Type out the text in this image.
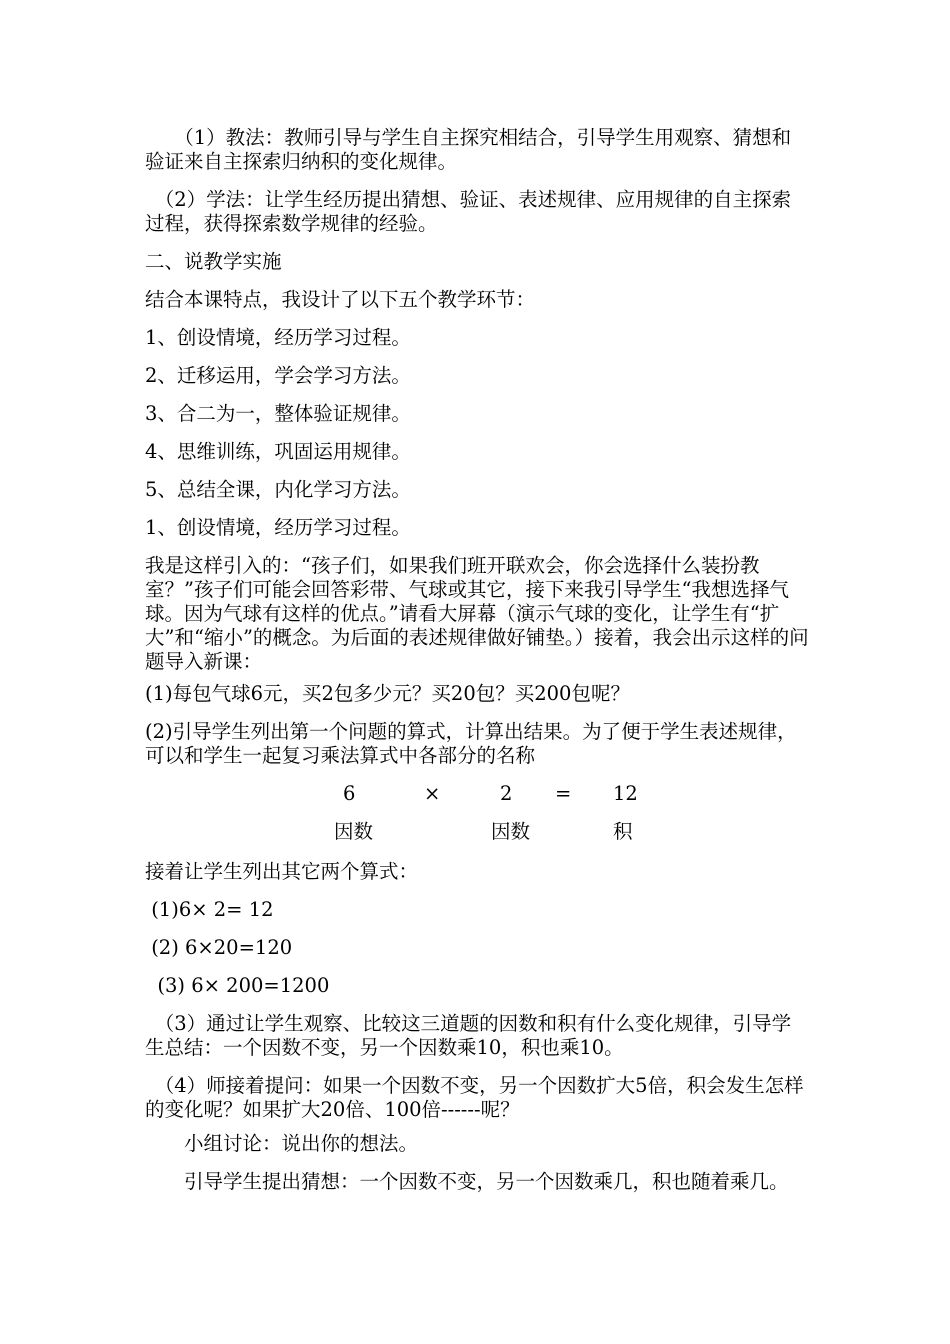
　　（1）教法：教师引导与学生自主探究相结合，引导学生用观察、猜想和验证来自主探索归纳积的变化规律。
　（2）学法：让学生经历提出猜想、验证、表述规律、应用规律的自主探索过程，获得探索数学规律的经验。
二、说教学实施
结合本课特点，我设计了以下五个教学环节：
1、创设情境，经历学习过程。
2、迁移运用，学会学习方法。
3、合二为一，整体验证规律。
4、思维训练，巩固运用规律。
5、总结全课，内化学习方法。
1、创设情境，经历学习过程。
我是这样引入的：“孩子们，如果我们班开联欢会，你会选择什么装扮教室？”孩子们可能会回答彩带、气球或其它，接下来我引导学生“我想选择气球。因为气球有这样的优点。”请看大屏幕（演示气球的变化，让学生有“扩大”和“缩小”的概念。为后面的表述规律做好铺垫。）接着，我会出示这样的问题导入新课：
(1)每包气球6元，买2包多少元？买20包？买200包呢？
(2)引导学生列出第一个问题的算式，计算出结果。为了便于学生表述规律，可以和学生一起复习乘法算式中各部分的名称
6	×	2 = 12
因数	因数	积
接着让学生列出其它两个算式：
(1)6× 2= 12
(2) 6×20=120
(3) 6× 200=1200
　（3）通过让学生观察、比较这三道题的因数和积有什么变化规律，引导学生总结：一个因数不变，另一个因数乘10，积也乘10。
　（4）师接着提问：如果一个因数不变，另一个因数扩大5倍，积会发生怎样的变化呢？如果扩大20倍、100倍------呢？
　　小组讨论：说出你的想法。
　　引导学生提出猜想：一个因数不变，另一个因数乘几，积也随着乘几。
